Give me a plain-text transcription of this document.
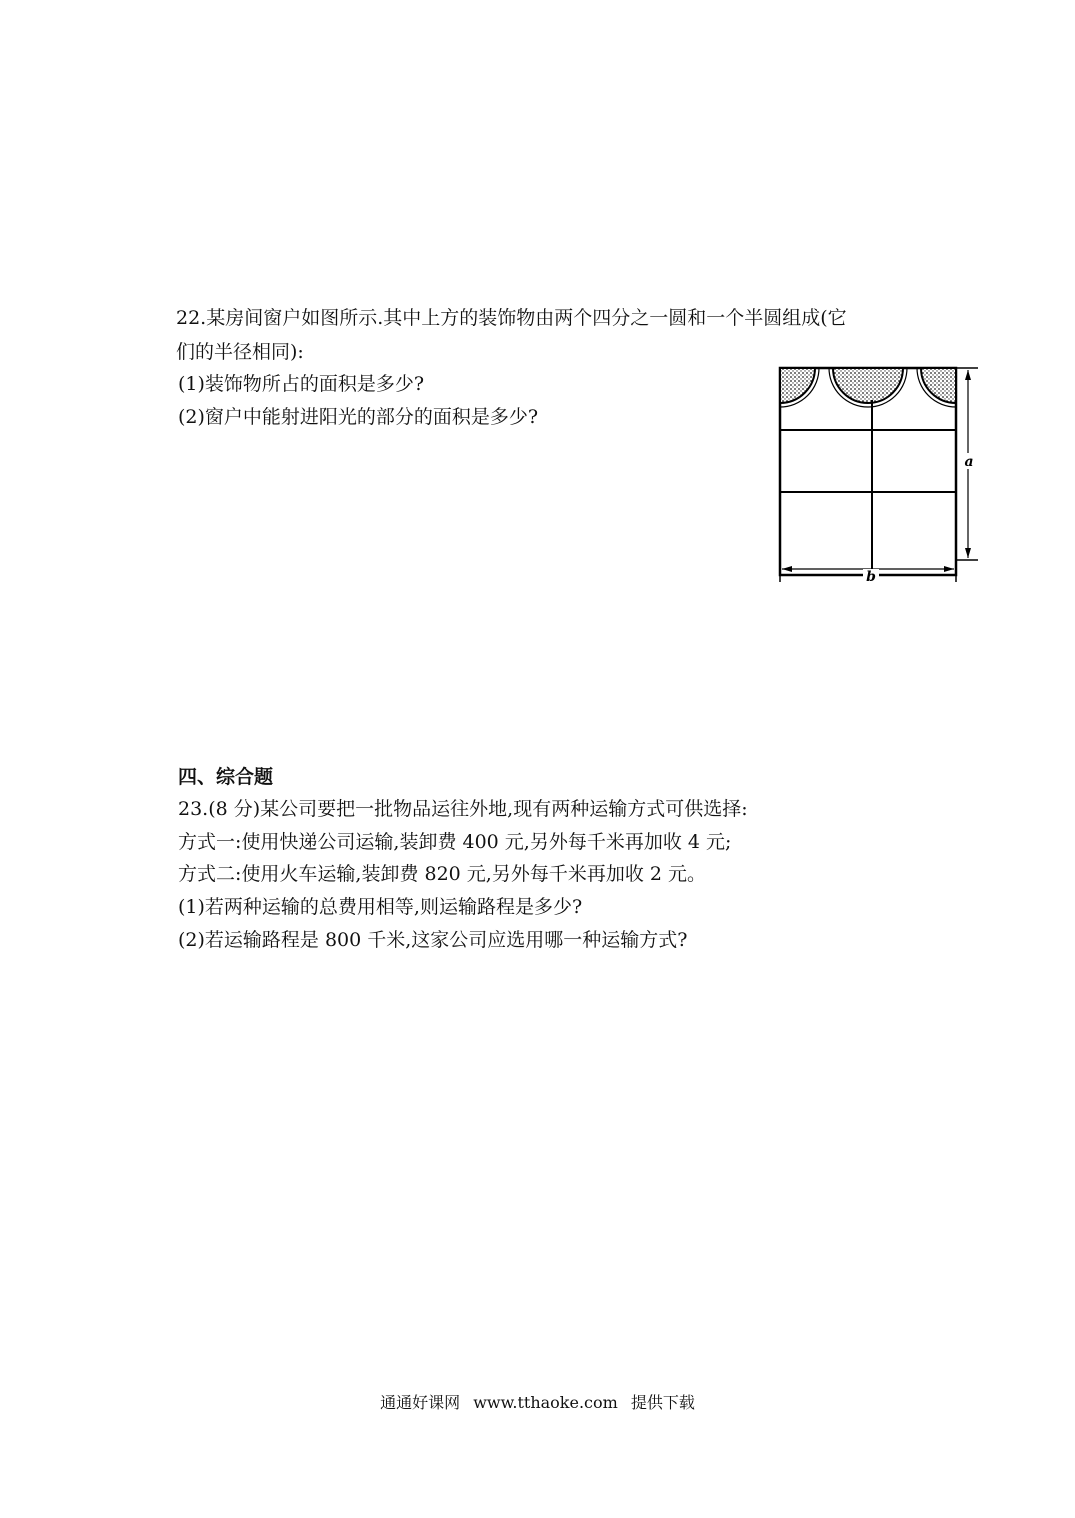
22.某房间窗户如图所示.其中上方的装饰物由两个四分之一圆和一个半圆组成(它
们的半径相同):
(1)装饰物所占的面积是多少?
(2)窗户中能射进阳光的部分的面积是多少?
a
b
四、综合题
23.(8 分)某公司要把一批物品运往外地,现有两种运输方式可供选择:
方式一:使用快递公司运输,装卸费 400 元,另外每千米再加收 4 元;
方式二:使用火车运输,装卸费 820 元,另外每千米再加收 2 元。
(1)若两种运输的总费用相等,则运输路程是多少?
(2)若运输路程是 800 千米,这家公司应选用哪一种运输方式?
通通好课网 www.tthaoke.com 提供下载
